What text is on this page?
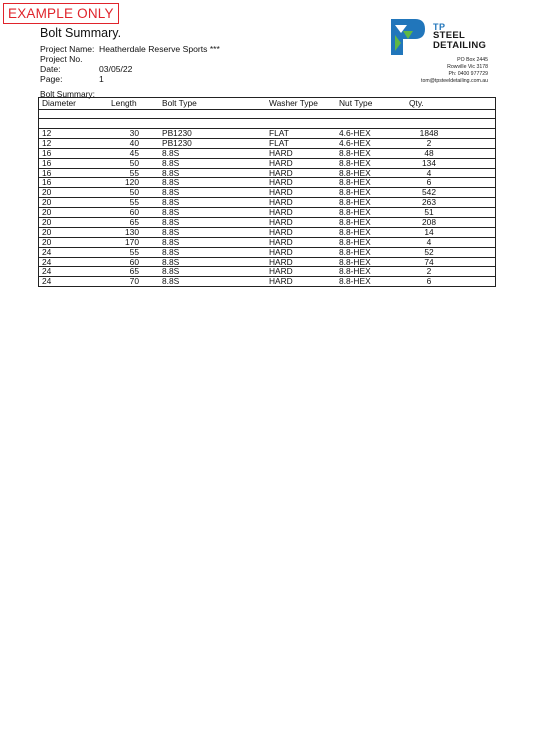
EXAMPLE ONLY
Bolt Summary.
Project Name: Heatherdale Reserve Sports ***
Project No.
Date:	03/05/22
Page:	1
TP
STEEL
DETAILING
PO Box 2445
Rowville Vic 3178
Ph: 0400 977729
tom@tpsteeldetailing.com.au
Bolt Summary:
Diameter	Length	Bolt Type	Washer Type	Nut Type	Qty.
12	30	PB1230	FLAT	4.6-HEX	1848
12	40	PB1230	FLAT	4.6-HEX	2
16	45	8.8S	HARD	8.8-HEX	48
16	50	8.8S	HARD	8.8-HEX	134
16	55	8.8S	HARD	8.8-HEX	4
16	120	8.8S	HARD	8.8-HEX	6
20	50	8.8S	HARD	8.8-HEX	542
20	55	8.8S	HARD	8.8-HEX	263
20	60	8.8S	HARD	8.8-HEX	51
20	65	8.8S	HARD	8.8-HEX	208
20	130	8.8S	HARD	8.8-HEX	14
20	170	8.8S	HARD	8.8-HEX	4
24	55	8.8S	HARD	8.8-HEX	52
24	60	8.8S	HARD	8.8-HEX	74
24	65	8.8S	HARD	8.8-HEX	2
24	70	8.8S	HARD	8.8-HEX	6
